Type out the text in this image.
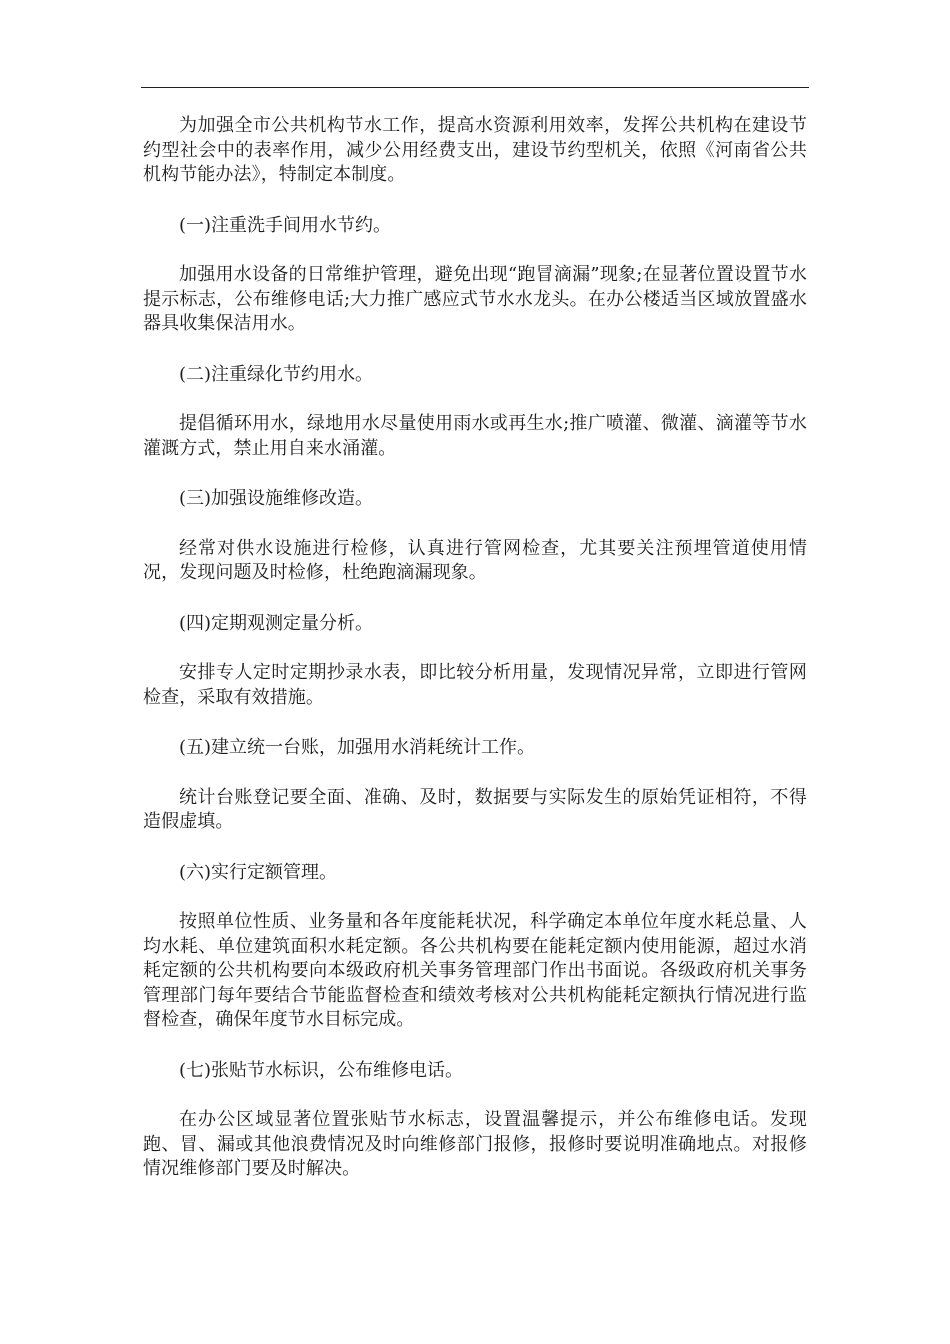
为加强全市公共机构节水工作，提高水资源利用效率，发挥公共机构在建设节约型社会中的表率作用，减少公用经费支出，建设节约型机关，依照《河南省公共机构节能办法》，特制定本制度。

(一)注重洗手间用水节约。

加强用水设备的日常维护管理，避免出现“跑冒滴漏”现象;在显著位置设置节水提示标志，公布维修电话;大力推广感应式节水水龙头。在办公楼适当区域放置盛水器具收集保洁用水。

(二)注重绿化节约用水。

提倡循环用水，绿地用水尽量使用雨水或再生水;推广喷灌、微灌、滴灌等节水灌溉方式，禁止用自来水涌灌。

(三)加强设施维修改造。

经常对供水设施进行检修，认真进行管网检查，尤其要关注预埋管道使用情况，发现问题及时检修，杜绝跑滴漏现象。

(四)定期观测定量分析。

安排专人定时定期抄录水表，即比较分析用量，发现情况异常，立即进行管网检查，采取有效措施。

(五)建立统一台账，加强用水消耗统计工作。

统计台账登记要全面、准确、及时，数据要与实际发生的原始凭证相符，不得造假虚填。

(六)实行定额管理。

按照单位性质、业务量和各年度能耗状况，科学确定本单位年度水耗总量、人均水耗、单位建筑面积水耗定额。各公共机构要在能耗定额内使用能源，超过水消耗定额的公共机构要向本级政府机关事务管理部门作出书面说。各级政府机关事务管理部门每年要结合节能监督检查和绩效考核对公共机构能耗定额执行情况进行监督检查，确保年度节水目标完成。

(七)张贴节水标识，公布维修电话。

在办公区域显著位置张贴节水标志，设置温馨提示，并公布维修电话。发现跑、冒、漏或其他浪费情况及时向维修部门报修，报修时要说明准确地点。对报修情况维修部门要及时解决。
